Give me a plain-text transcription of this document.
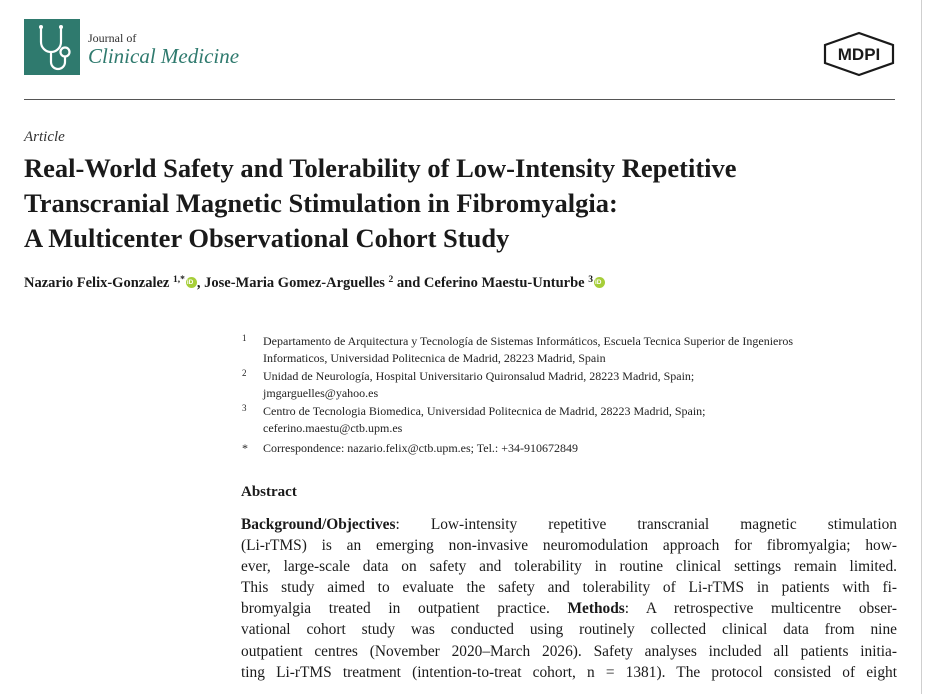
Journal of
Clinical Medicine	MDPI
Article
Real-World Safety and Tolerability of Low-Intensity Repetitive
Transcranial Magnetic Stimulation in Fibromyalgia:
A Multicenter Observational Cohort Study
Nazario Felix-Gonzalez $^{1,*}$iD , Jose-Maria Gomez-Arguelles $^2$ and Ceferino Maestu-Unturbe $^3$iD
1 Departamento de Arquitectura y Tecnología de Sistemas Informáticos, Escuela Tecnica Superior de Ingenieros
Informaticos, Universidad Politecnica de Madrid, 28223 Madrid, Spain
2 Unidad de Neurología, Hospital Universitario Quironsalud Madrid, 28223 Madrid, Spain;
jmgarguelles@yahoo.es
3 Centro de Tecnologia Biomedica, Universidad Politecnica de Madrid, 28223 Madrid, Spain;
ceferino.maestu@ctb.upm.es
* Correspondence: nazario.felix@ctb.upm.es; Tel.: +34-910672849
Abstract
Background/Objectives: Low-intensity repetitive transcranial magnetic stimulation
(Li-rTMS) is an emerging non-invasive neuromodulation approach for fibromyalgia; how-
ever, large-scale data on safety and tolerability in routine clinical settings remain limited.
This study aimed to evaluate the safety and tolerability of Li-rTMS in patients with fi-
bromyalgia treated in outpatient practice. Methods: A retrospective multicentre obser-
vational cohort study was conducted using routinely collected clinical data from nine
outpatient centres (November 2020–March 2026). Safety analyses included all patients initia-
ting Li-rTMS treatment (intention-to-treat cohort, n = 1381). The protocol consisted of eight
